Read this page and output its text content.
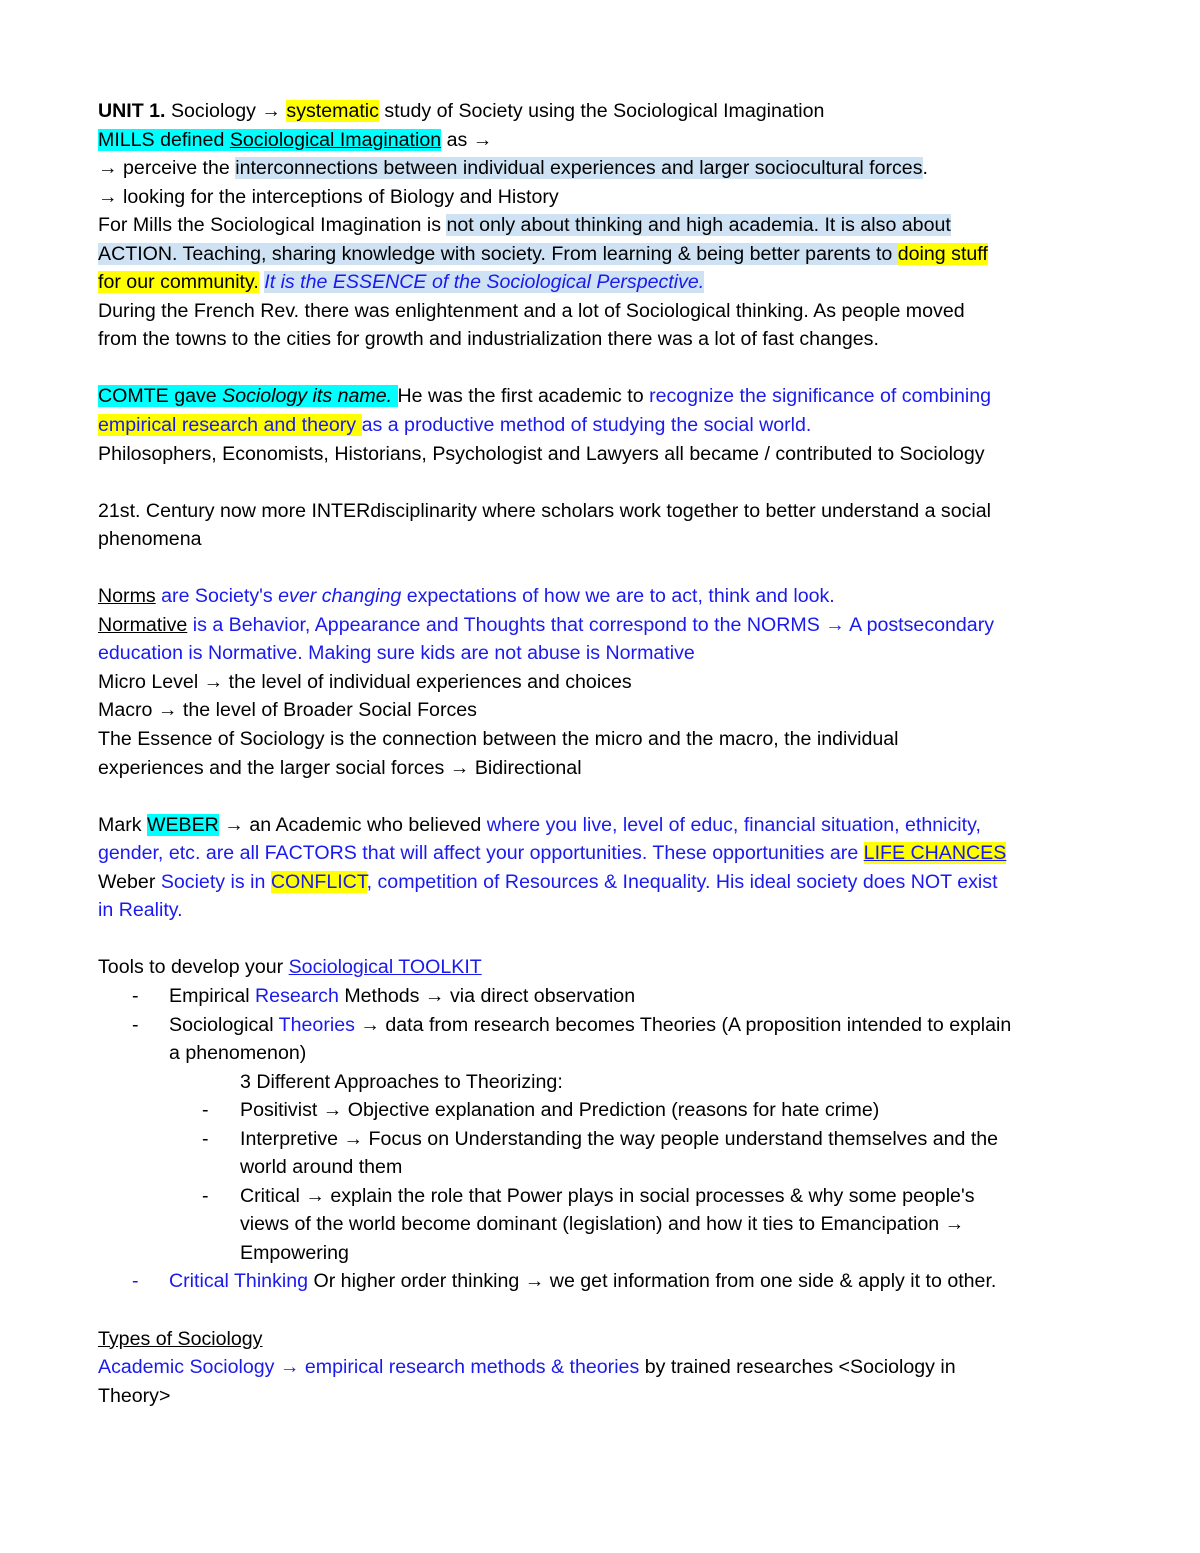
UNIT 1. Sociology → systematic study of Society using the Sociological Imagination

MILLS defined Sociological Imagination as →

→ perceive the interconnections between individual experiences and larger sociocultural forces.

→ looking for the interceptions of Biology and History

For Mills the Sociological Imagination is not only about thinking and high academia. It is also about

ACTION. Teaching, sharing knowledge with society. From learning & being better parents to doing stuff

for our community. It is the ESSENCE of the Sociological Perspective.

During the French Rev. there was enlightenment and a lot of Sociological thinking. As people moved

from the towns to the cities for growth and industrialization there was a lot of fast changes.

COMTE gave Sociology its name. He was the first academic to recognize the significance of combining

empirical research and theory as a productive method of studying the social world.

Philosophers, Economists, Historians, Psychologist and Lawyers all became / contributed to Sociology

21st. Century now more INTERdisciplinarity where scholars work together to better understand a social

phenomena

Norms are Society's ever changing expectations of how we are to act, think and look.

Normative is a Behavior, Appearance and Thoughts that correspond to the NORMS → A postsecondary

education is Normative. Making sure kids are not abuse is Normative

Micro Level → the level of individual experiences and choices

Macro → the level of Broader Social Forces

The Essence of Sociology is the connection between the micro and the macro, the individual

experiences and the larger social forces → Bidirectional

Mark WEBER → an Academic who believed where you live, level of educ, financial situation, ethnicity,

gender, etc. are all FACTORS that will affect your opportunities. These opportunities are LIFE CHANCES

Weber Society is in CONFLICT, competition of Resources & Inequality. His ideal society does NOT exist

in Reality.

Tools to develop your Sociological TOOLKIT

- Empirical Research Methods → via direct observation

- Sociological Theories → data from research becomes Theories (A proposition intended to explain

a phenomenon)

3 Different Approaches to Theorizing:

- Positivist → Objective explanation and Prediction (reasons for hate crime)

- Interpretive → Focus on Understanding the way people understand themselves and the

world around them

- Critical → explain the role that Power plays in social processes & why some people's

views of the world become dominant (legislation) and how it ties to Emancipation →

Empowering

- Critical Thinking Or higher order thinking → we get information from one side & apply it to other.

Types of Sociology

Academic Sociology → empirical research methods & theories by trained researches <Sociology in

Theory>
